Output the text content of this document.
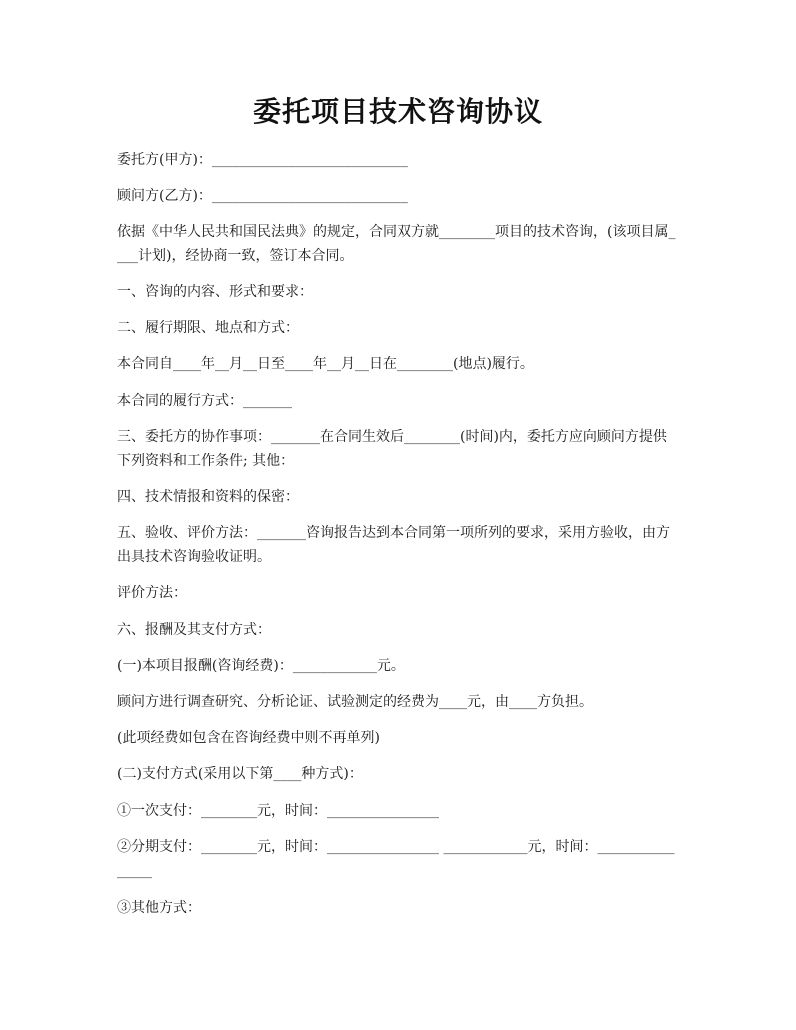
委托项目技术咨询协议
委托方(甲方)：____________________________
顾问方(乙方)：____________________________
依据《中华人民共和国民法典》的规定，合同双方就________项目的技术咨询，(该项目属____计划)，经协商一致，签订本合同。
一、咨询的内容、形式和要求：
二、履行期限、地点和方式：
本合同自____年__月__日至____年__月__日在________(地点)履行。
本合同的履行方式：_______
三、委托方的协作事项：_______在合同生效后________(时间)内，委托方应向顾问方提供下列资料和工作条件; 其他：
四、技术情报和资料的保密：
五、验收、评价方法：_______咨询报告达到本合同第一项所列的要求，采用方验收，由方出具技术咨询验收证明。
评价方法：
六、报酬及其支付方式：
(一)本项目报酬(咨询经费)：____________元。
顾问方进行调查研究、分析论证、试验测定的经费为____元，由____方负担。
(此项经费如包含在咨询经费中则不再单列)
(二)支付方式(采用以下第____种方式)：
①一次支付：________元，时间：________________
②分期支付：________元，时间：________________ ____________元，时间：________________
③其他方式：
